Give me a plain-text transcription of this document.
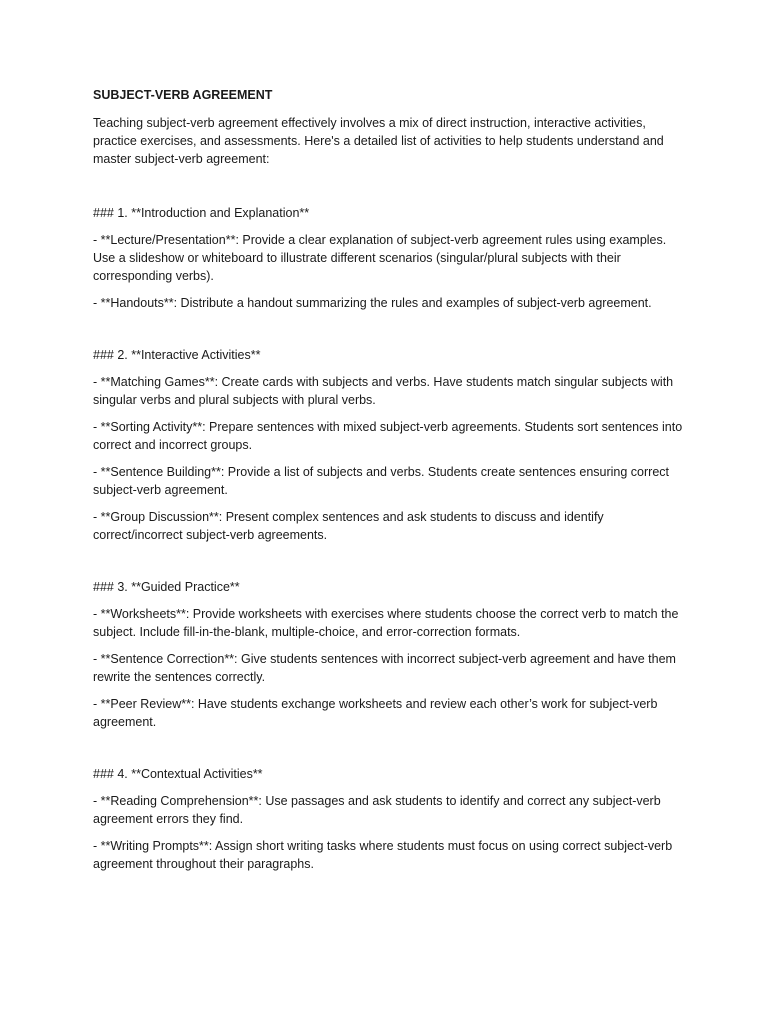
SUBJECT-VERB AGREEMENT

Teaching subject-verb agreement effectively involves a mix of direct instruction, interactive activities, practice exercises, and assessments. Here's a detailed list of activities to help students understand and master subject-verb agreement:

### 1. **Introduction and Explanation**

- **Lecture/Presentation**: Provide a clear explanation of subject-verb agreement rules using examples. Use a slideshow or whiteboard to illustrate different scenarios (singular/plural subjects with their corresponding verbs).

- **Handouts**: Distribute a handout summarizing the rules and examples of subject-verb agreement.

### 2. **Interactive Activities**

- **Matching Games**: Create cards with subjects and verbs. Have students match singular subjects with singular verbs and plural subjects with plural verbs.

- **Sorting Activity**: Prepare sentences with mixed subject-verb agreements. Students sort sentences into correct and incorrect groups.

- **Sentence Building**: Provide a list of subjects and verbs. Students create sentences ensuring correct subject-verb agreement.

- **Group Discussion**: Present complex sentences and ask students to discuss and identify correct/incorrect subject-verb agreements.

### 3. **Guided Practice**

- **Worksheets**: Provide worksheets with exercises where students choose the correct verb to match the subject. Include fill-in-the-blank, multiple-choice, and error-correction formats.

- **Sentence Correction**: Give students sentences with incorrect subject-verb agreement and have them rewrite the sentences correctly.

- **Peer Review**: Have students exchange worksheets and review each other’s work for subject-verb agreement.

### 4. **Contextual Activities**

- **Reading Comprehension**: Use passages and ask students to identify and correct any subject-verb agreement errors they find.

- **Writing Prompts**: Assign short writing tasks where students must focus on using correct subject-verb agreement throughout their paragraphs.
